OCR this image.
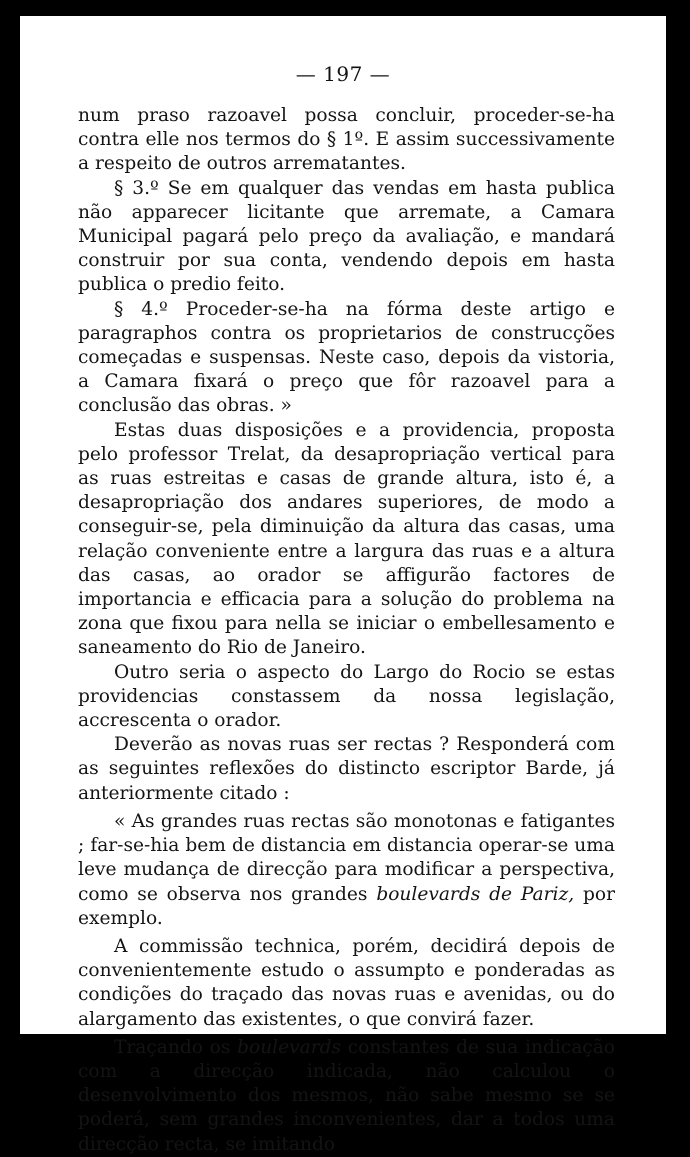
— 197 —

num praso razoavel possa concluir, proceder-se-ha contra elle nos termos do § 1º. E assim successivamente a respeito de outros arrematantes.

§ 3.º Se em qualquer das vendas em hasta publica não apparecer licitante que arremate, a Camara Municipal pagará pelo preço da avaliação, e mandará construir por sua conta, vendendo depois em hasta publica o predio feito.

§ 4.º Proceder-se-ha na fórma deste artigo e paragraphos contra os proprietarios de construcções começadas e suspensas. Neste caso, depois da vistoria, a Camara fixará o preço que fôr razoavel para a conclusão das obras. »

Estas duas disposições e a providencia, proposta pelo professor Trelat, da desapropriação vertical para as ruas estreitas e casas de grande altura, isto é, a desapropriação dos andares superiores, de modo a conseguir-se, pela diminuição da altura das casas, uma relação conveniente entre a largura das ruas e a altura das casas, ao orador se affigurão factores de importancia e efficacia para a solução do problema na zona que fixou para nella se iniciar o embellesamento e saneamento do Rio de Janeiro.

Outro seria o aspecto do Largo do Rocio se estas providencias constassem da nossa legislação, accrescenta o orador.

Deverão as novas ruas ser rectas ? Responderá com as seguintes reflexões do distincto escriptor Barde, já anteriormente citado :

« As grandes ruas rectas são monotonas e fatigantes ; far-se-hia bem de distancia em distancia operar-se uma leve mudança de direcção para modificar a perspectiva, como se observa nos grandes boulevards de Pariz, por exemplo.

A commissão technica, porém, decidirá depois de convenientemente estudo o assumpto e ponderadas as condições do traçado das novas ruas e avenidas, ou do alargamento das existentes, o que convirá fazer.

Traçando os boulevards constantes de sua indicação com a direcção indicada, não calculou o desenvolvimento dos mesmos, não sabe mesmo se se poderá, sem grandes inconvenientes, dar a todos uma direcção recta, se imitando
